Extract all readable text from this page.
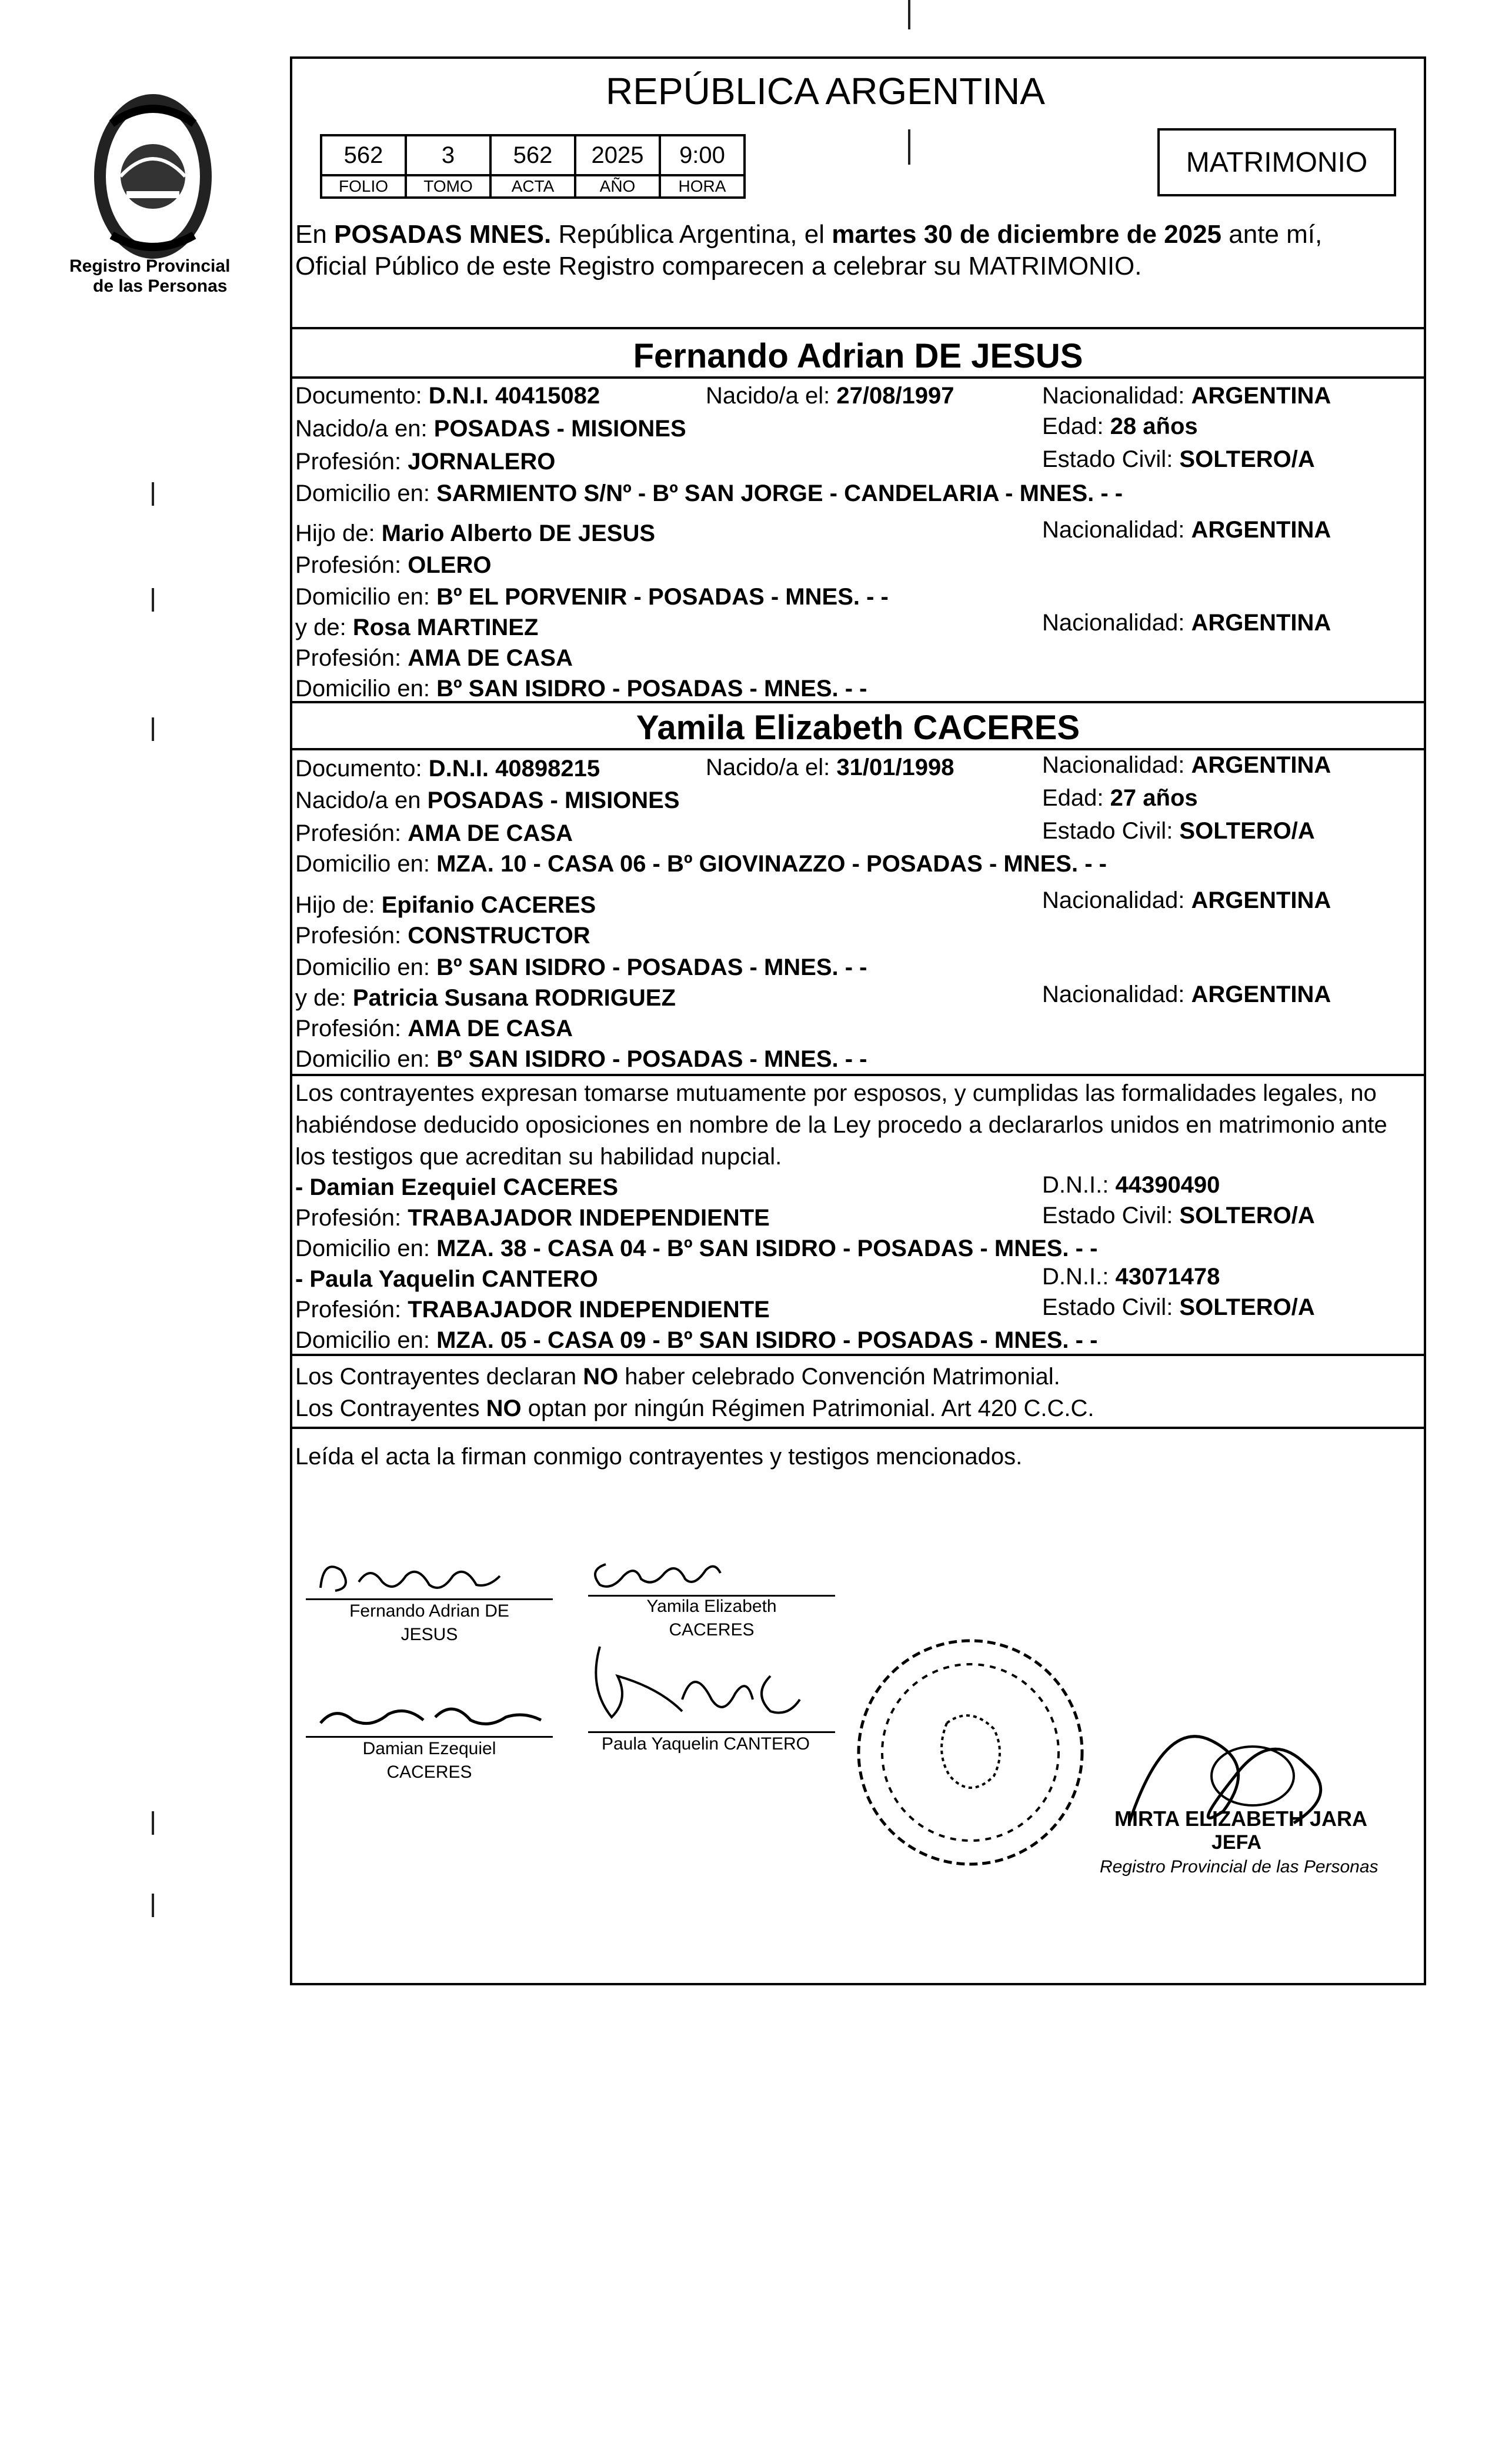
Registro Provincial
de las Personas
REPÚBLICA ARGENTINA
562	3	562	2025	9:00
FOLIO	TOMO	ACTA	AÑO	HORA
MATRIMONIO
En POSADAS MNES. República Argentina, el martes 30 de diciembre de 2025 ante mí,
Oficial Público de este Registro comparecen a celebrar su MATRIMONIO.
Fernando Adrian DE JESUS
Documento: D.N.I. 40415082	Nacido/a el: 27/08/1997	Nacionalidad: ARGENTINA
Nacido/a en: POSADAS - MISIONES	Edad: 28 años
Profesión: JORNALERO	Estado Civil: SOLTERO/A
Domicilio en: SARMIENTO S/Nº - Bº SAN JORGE - CANDELARIA - MNES. - -
Hijo de: Mario Alberto DE JESUS	Nacionalidad: ARGENTINA
Profesión: OLERO
Domicilio en: Bº EL PORVENIR - POSADAS - MNES. - -
y de: Rosa MARTINEZ	Nacionalidad: ARGENTINA
Profesión: AMA DE CASA
Domicilio en: Bº SAN ISIDRO - POSADAS - MNES. - -
Yamila Elizabeth CACERES
Documento: D.N.I. 40898215	Nacido/a el: 31/01/1998	Nacionalidad: ARGENTINA
Nacido/a en POSADAS - MISIONES	Edad: 27 años
Profesión: AMA DE CASA	Estado Civil: SOLTERO/A
Domicilio en: MZA. 10 - CASA 06 - Bº GIOVINAZZO - POSADAS - MNES. - -
Hijo de: Epifanio CACERES	Nacionalidad: ARGENTINA
Profesión: CONSTRUCTOR
Domicilio en: Bº SAN ISIDRO - POSADAS - MNES. - -
y de: Patricia Susana RODRIGUEZ	Nacionalidad: ARGENTINA
Profesión: AMA DE CASA
Domicilio en: Bº SAN ISIDRO - POSADAS - MNES. - -
Los contrayentes expresan tomarse mutuamente por esposos, y cumplidas las formalidades legales, no
habiéndose deducido oposiciones en nombre de la Ley procedo a declararlos unidos en matrimonio ante
los testigos que acreditan su habilidad nupcial.
- Damian Ezequiel CACERES	D.N.I.: 44390490
Profesión: TRABAJADOR INDEPENDIENTE	Estado Civil: SOLTERO/A
Domicilio en: MZA. 38 - CASA 04 - Bº SAN ISIDRO - POSADAS - MNES. - -
- Paula Yaquelin CANTERO	D.N.I.: 43071478
Profesión: TRABAJADOR INDEPENDIENTE	Estado Civil: SOLTERO/A
Domicilio en: MZA. 05 - CASA 09 - Bº SAN ISIDRO - POSADAS - MNES. - -
Los Contrayentes declaran NO haber celebrado Convención Matrimonial.
Los Contrayentes NO optan por ningún Régimen Patrimonial. Art 420 C.C.C.
Leída el acta la firman conmigo contrayentes y testigos mencionados.
Fernando Adrian DE
JESUS
Yamila Elizabeth
CACERES
Damian Ezequiel
CACERES
Paula Yaquelin CANTERO
MIRTA ELIZABETH JARA
JEFA
Registro Provincial de las Personas
